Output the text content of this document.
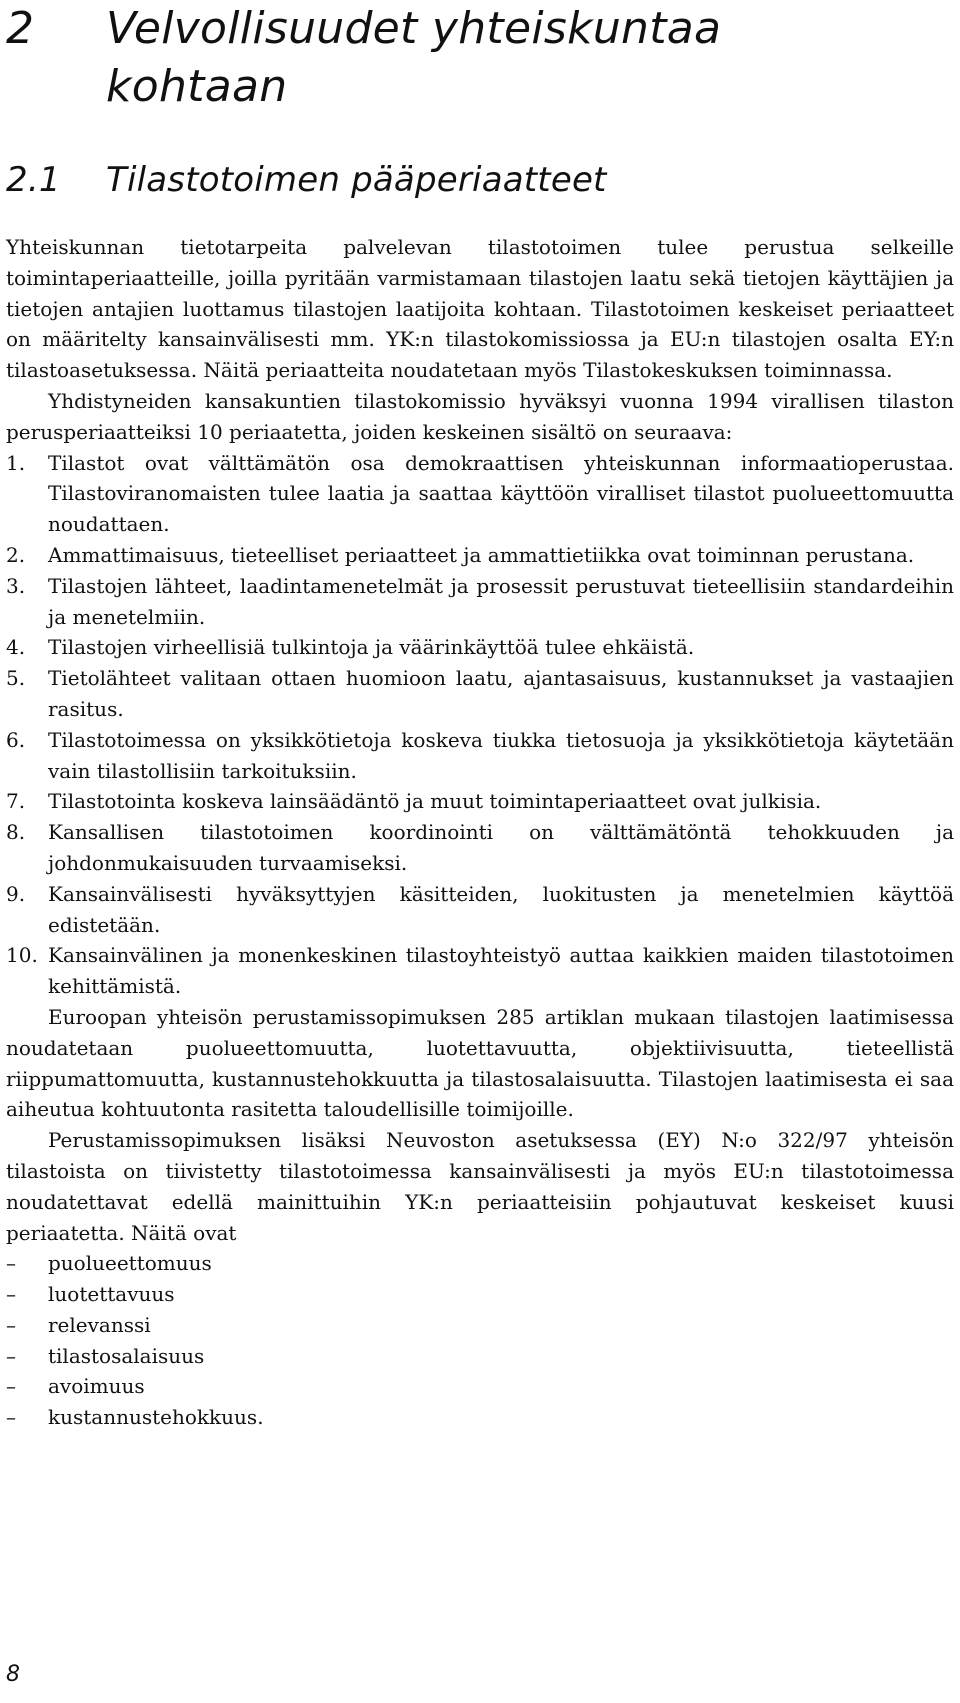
2 Velvollisuudet yhteiskuntaa
kohtaan
2.1 Tilastotoimen pääperiaatteet

Yhteiskunnan tietotarpeita palvelevan tilastotoimen tulee perustua selkeille toimintaperiaatteille, joilla pyritään varmistamaan tilastojen laatu sekä tietojen käyttäjien ja tietojen antajien luottamus tilastojen laatijoita kohtaan. Tilastotoimen keskeiset periaatteet on määritelty kansainvälisesti mm. YK:n tilastokomissiossa ja EU:n tilastojen osalta EY:n tilastoasetuksessa. Näitä periaatteita noudatetaan myös Tilastokeskuksen toiminnassa.

Yhdistyneiden kansakuntien tilastokomissio hyväksyi vuonna 1994 virallisen tilaston perusperiaatteiksi 10 periaatetta, joiden keskeinen sisältö on seuraava:

1. Tilastot ovat välttämätön osa demokraattisen yhteiskunnan informaatioperustaa. Tilastoviranomaisten tulee laatia ja saattaa käyttöön viralliset tilastot puolueettomuutta noudattaen.
2. Ammattimaisuus, tieteelliset periaatteet ja ammattietiikka ovat toiminnan perustana.
3. Tilastojen lähteet, laadintamenetelmät ja prosessit perustuvat tieteellisiin standardeihin ja menetelmiin.
4. Tilastojen virheellisiä tulkintoja ja väärinkäyttöä tulee ehkäistä.
5. Tietolähteet valitaan ottaen huomioon laatu, ajantasaisuus, kustannukset ja vastaajien rasitus.
6. Tilastotoimessa on yksikkötietoja koskeva tiukka tietosuoja ja yksikkötietoja käytetään vain tilastollisiin tarkoituksiin.
7. Tilastotointa koskeva lainsäädäntö ja muut toimintaperiaatteet ovat julkisia.
8. Kansallisen tilastotoimen koordinointi on välttämätöntä tehokkuuden ja johdonmukaisuuden turvaamiseksi.
9. Kansainvälisesti hyväksyttyjen käsitteiden, luokitusten ja menetelmien käyttöä edistetään.
10. Kansainvälinen ja monenkeskinen tilastoyhteistyö auttaa kaikkien maiden tilastotoimen kehittämistä.

Euroopan yhteisön perustamissopimuksen 285 artiklan mukaan tilastojen laatimisessa noudatetaan puolueettomuutta, luotettavuutta, objektiivisuutta, tieteellistä riippumattomuutta, kustannustehokkuutta ja tilastosalaisuutta. Tilastojen laatimisesta ei saa aiheutua kohtuutonta rasitetta taloudellisille toimijoille.

Perustamissopimuksen lisäksi Neuvoston asetuksessa (EY) N:o 322/97 yhteisön tilastoista on tiivistetty tilastotoimessa kansainvälisesti ja myös EU:n tilastotoimessa noudatettavat edellä mainittuihin YK:n periaatteisiin pohjautuvat keskeiset kuusi periaatetta. Näitä ovat

– puolueettomuus
– luotettavuus
– relevanssi
– tilastosalaisuus
– avoimuus
– kustannustehokkuus.
8
